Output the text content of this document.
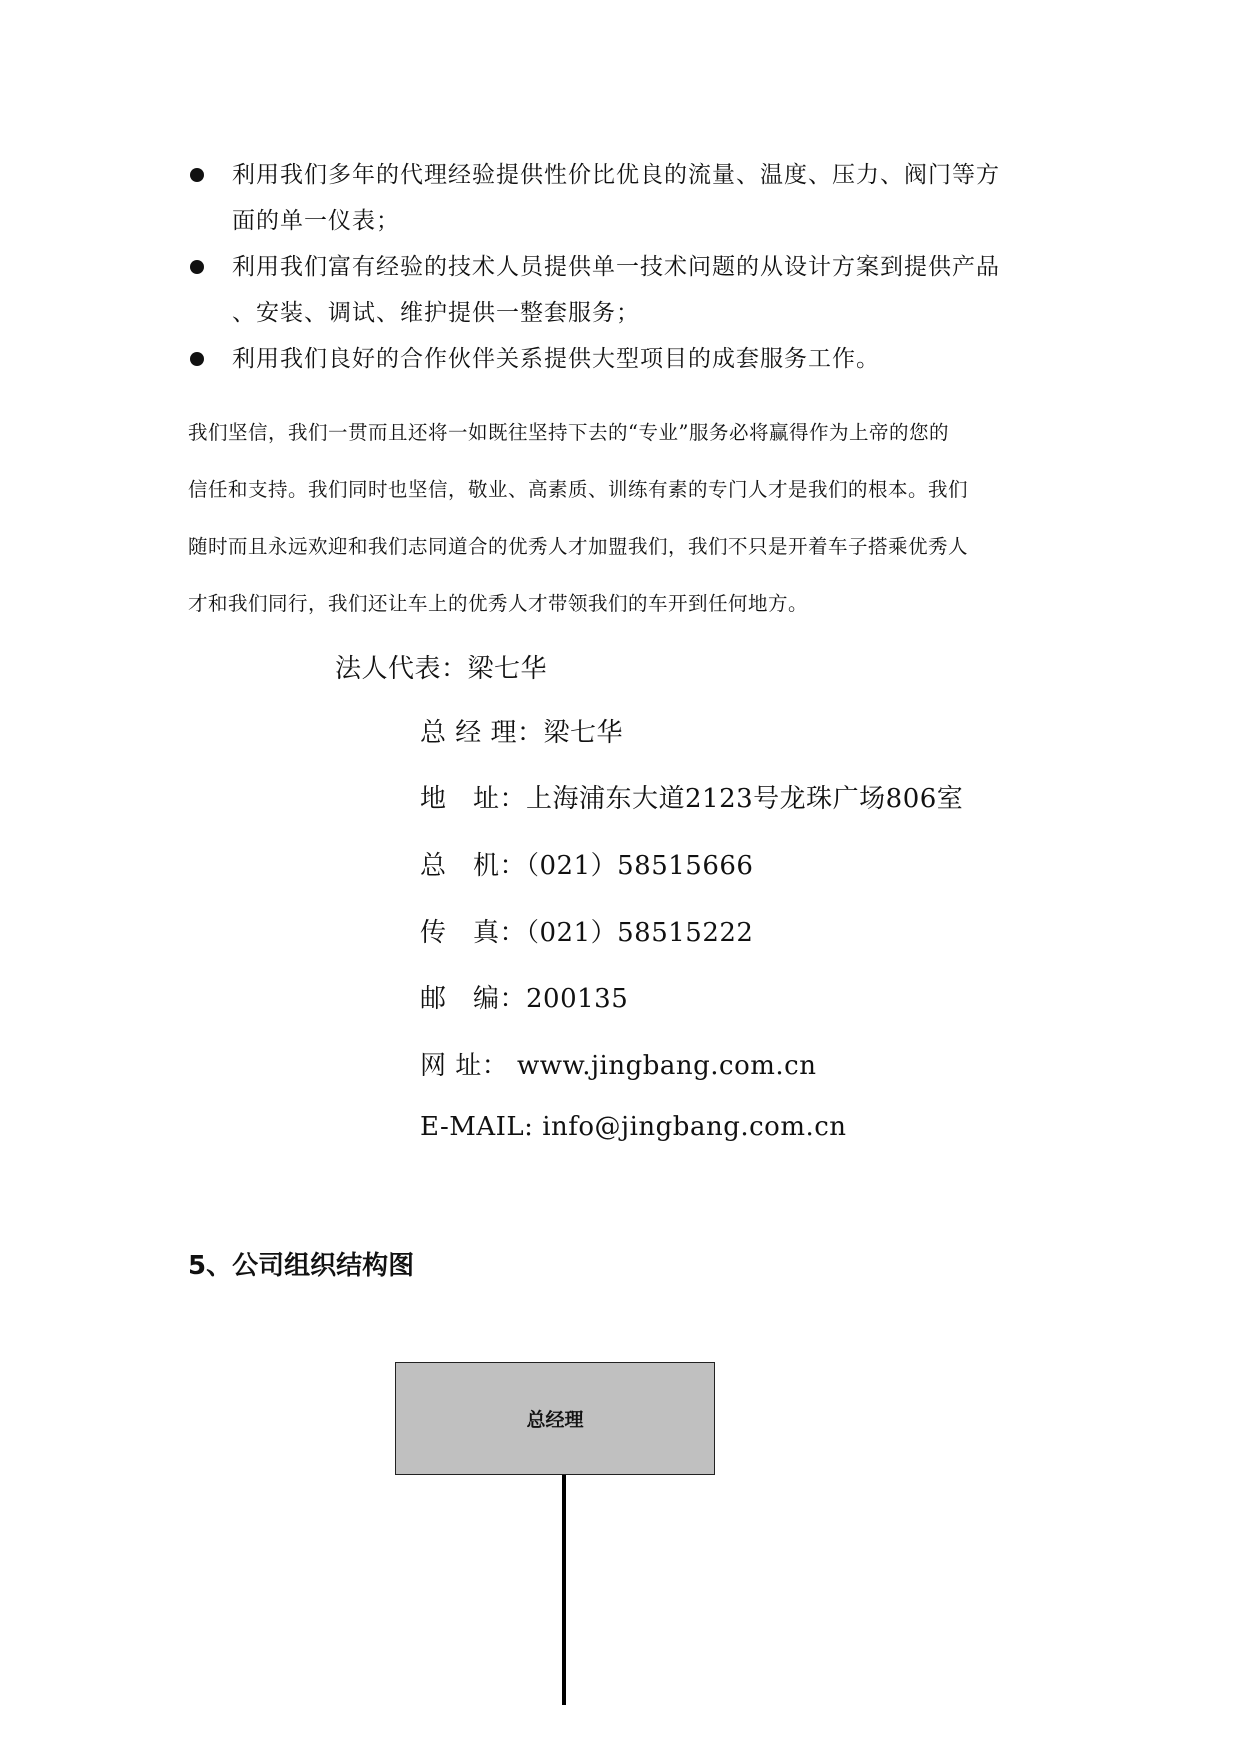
利用我们多年的代理经验提供性价比优良的流量、温度、压力、阀门等方
面的单一仪表；
利用我们富有经验的技术人员提供单一技术问题的从设计方案到提供产品
、安装、调试、维护提供一整套服务；
利用我们良好的合作伙伴关系提供大型项目的成套服务工作。

我们坚信，我们一贯而且还将一如既往坚持下去的“专业”服务必将赢得作为上帝的您的
信任和支持。我们同时也坚信，敬业、高素质、训练有素的专门人才是我们的根本。我们
随时而且永远欢迎和我们志同道合的优秀人才加盟我们，我们不只是开着车子搭乘优秀人
才和我们同行，我们还让车上的优秀人才带领我们的车开到任何地方。

法人代表：梁七华
总 经 理：梁七华
地　址：上海浦东大道2123号龙珠广场806室
总　机：（021）58515666
传　真：（021）58515222
邮　编：200135
网 址： www.jingbang.com.cn
E-MAIL: info@jingbang.com.cn
5、公司组织结构图
总经理
